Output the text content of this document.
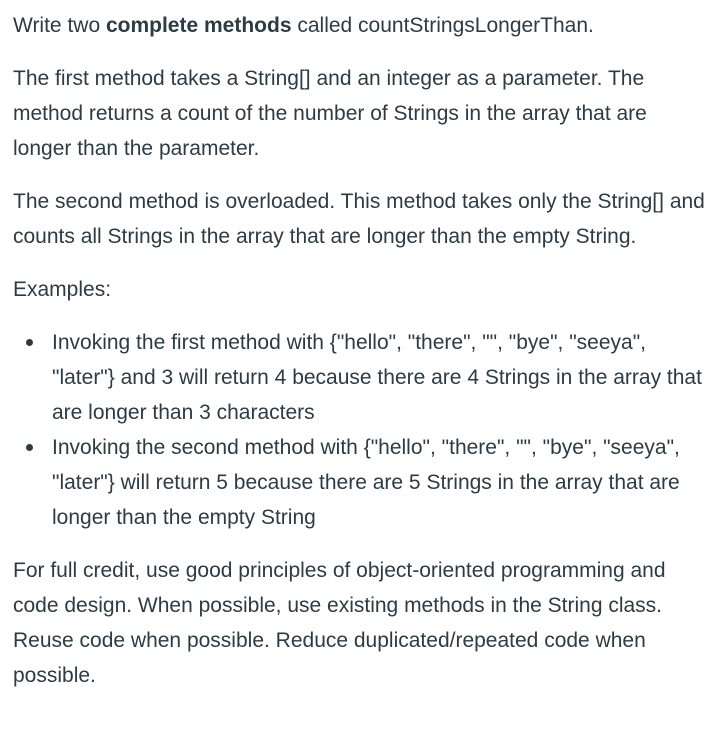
Write two complete methods called countStringsLongerThan.

The first method takes a String[] and an integer as a parameter. The method returns a count of the number of Strings in the array that are longer than the parameter.

The second method is overloaded. This method takes only the String[] and counts all Strings in the array that are longer than the empty String.

Examples:

Invoking the first method with {"hello", "there", "", "bye", "seeya", "later"} and 3 will return 4 because there are 4 Strings in the array that are longer than 3 characters
Invoking the second method with {"hello", "there", "", "bye", "seeya", "later"} will return 5 because there are 5 Strings in the array that are longer than the empty String

For full credit, use good principles of object-oriented programming and code design. When possible, use existing methods in the String class. Reuse code when possible. Reduce duplicated/repeated code when possible.
